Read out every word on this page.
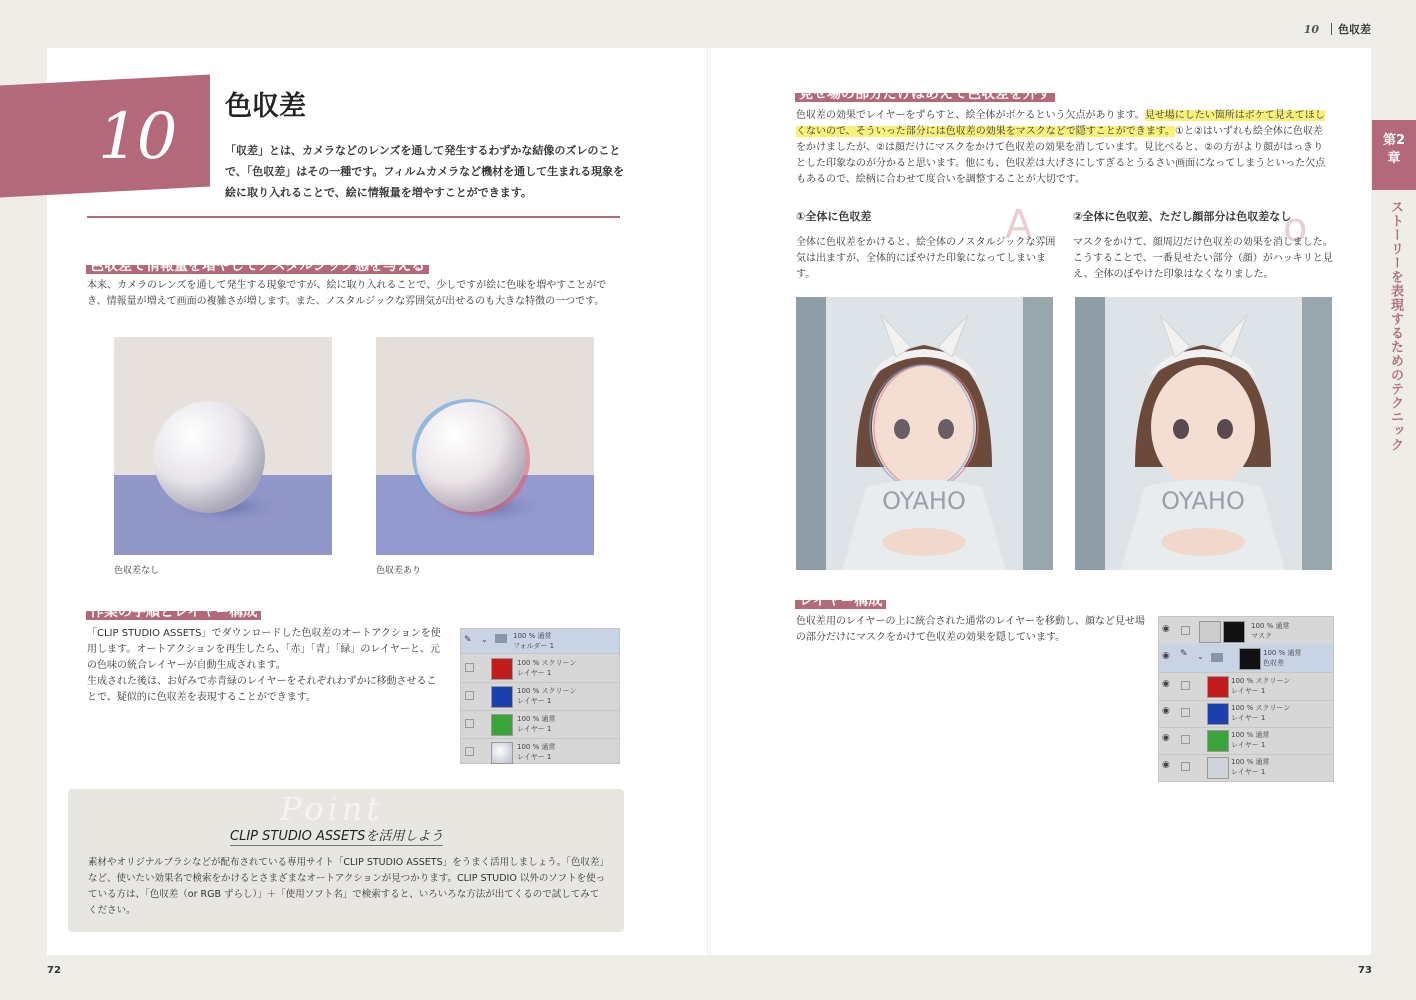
10	色収差
第2
章
ストーリーを表現するためのテクニック
10 色収差
「収差」とは、カメラなどのレンズを通して発生するわずかな結像のズレのことで、「色収差」はその一種です。フィルムカメラなど機材を通して生まれる現象を絵に取り入れることで、絵に情報量を増やすことができます。
色収差で情報量を増やしてノスタルジック感を与える
本来、カメラのレンズを通して発生する現象ですが、絵に取り入れることで、少しですが絵に色味を増やすことができ、情報量が増えて画面の複雑さが増します。また、ノスタルジックな雰囲気が出せるのも大きな特徴の一つです。
色収差なし	色収差あり
作業の手順とレイヤー構成
「CLIP STUDIO ASSETS」でダウンロードした色収差のオートアクションを使用します。オートアクションを再生したら、「赤」「青」「緑」のレイヤーと、元の色味の統合レイヤーが自動生成されます。
生成された後は、お好みで赤青緑のレイヤーをそれぞれわずかに移動させることで、疑似的に色収差を表現することができます。
✎ ⌄	100 % 通常
フォルダー 1
100 % スクリーン
レイヤー 1
100 % スクリーン
レイヤー 1
100 % 通常
レイヤー 1
100 % 通常
レイヤー 1
Point
CLIP STUDIO ASSETSを活用しよう
素材やオリジナルブラシなどが配布されている専用サイト「CLIP STUDIO ASSETS」をうまく活用しましょう。「色収差」など、使いたい効果名で検索をかけるとさまざまなオートアクションが見つかります。CLIP STUDIO 以外のソフトを使っている方は、「色収差（or RGB ずらし）」＋「使用ソフト名」で検索すると、いろいろな方法が出てくるので試してみてください。
見せ場の部分だけはあえて色収差を外す
色収差の効果でレイヤーをずらすと、絵全体がボケるという欠点があります。見せ場にしたい箇所はボケて見えてほしくないので、そういった部分には色収差の効果をマスクなどで隠すことができます。①と②はいずれも絵全体に色収差をかけましたが、②は顔だけにマスクをかけて色収差の効果を消しています。見比べると、②の方がより顔がはっきりとした印象なのが分かると思います。他にも、色収差は大げさにしすぎるとうるさい画面になってしまうといった欠点もあるので、絵柄に合わせて度合いを調整することが大切です。
A	o
①全体に色収差
全体に色収差をかけると、絵全体のノスタルジックな雰囲気は出ますが、全体的にぼやけた印象になってしまいます。
②全体に色収差、ただし顔部分は色収差なし
マスクをかけて、顔周辺だけ色収差の効果を消しました。こうすることで、一番見せたい部分（顔）がハッキリと見え、全体のぼやけた印象はなくなりました。
OYAHO	OYAHO
レイヤー構成
色収差用のレイヤーの上に統合された通常のレイヤーを移動し、顔など見せ場の部分だけにマスクをかけて色収差の効果を隠しています。
◉	100 % 通常
マスク
◉ ✎ ⌄	100 % 通常
色収差
◉	100 % スクリーン
レイヤー 1
◉	100 % スクリーン
レイヤー 1
◉	100 % 通常
レイヤー 1
◉	100 % 通常
レイヤー 1
72	73
